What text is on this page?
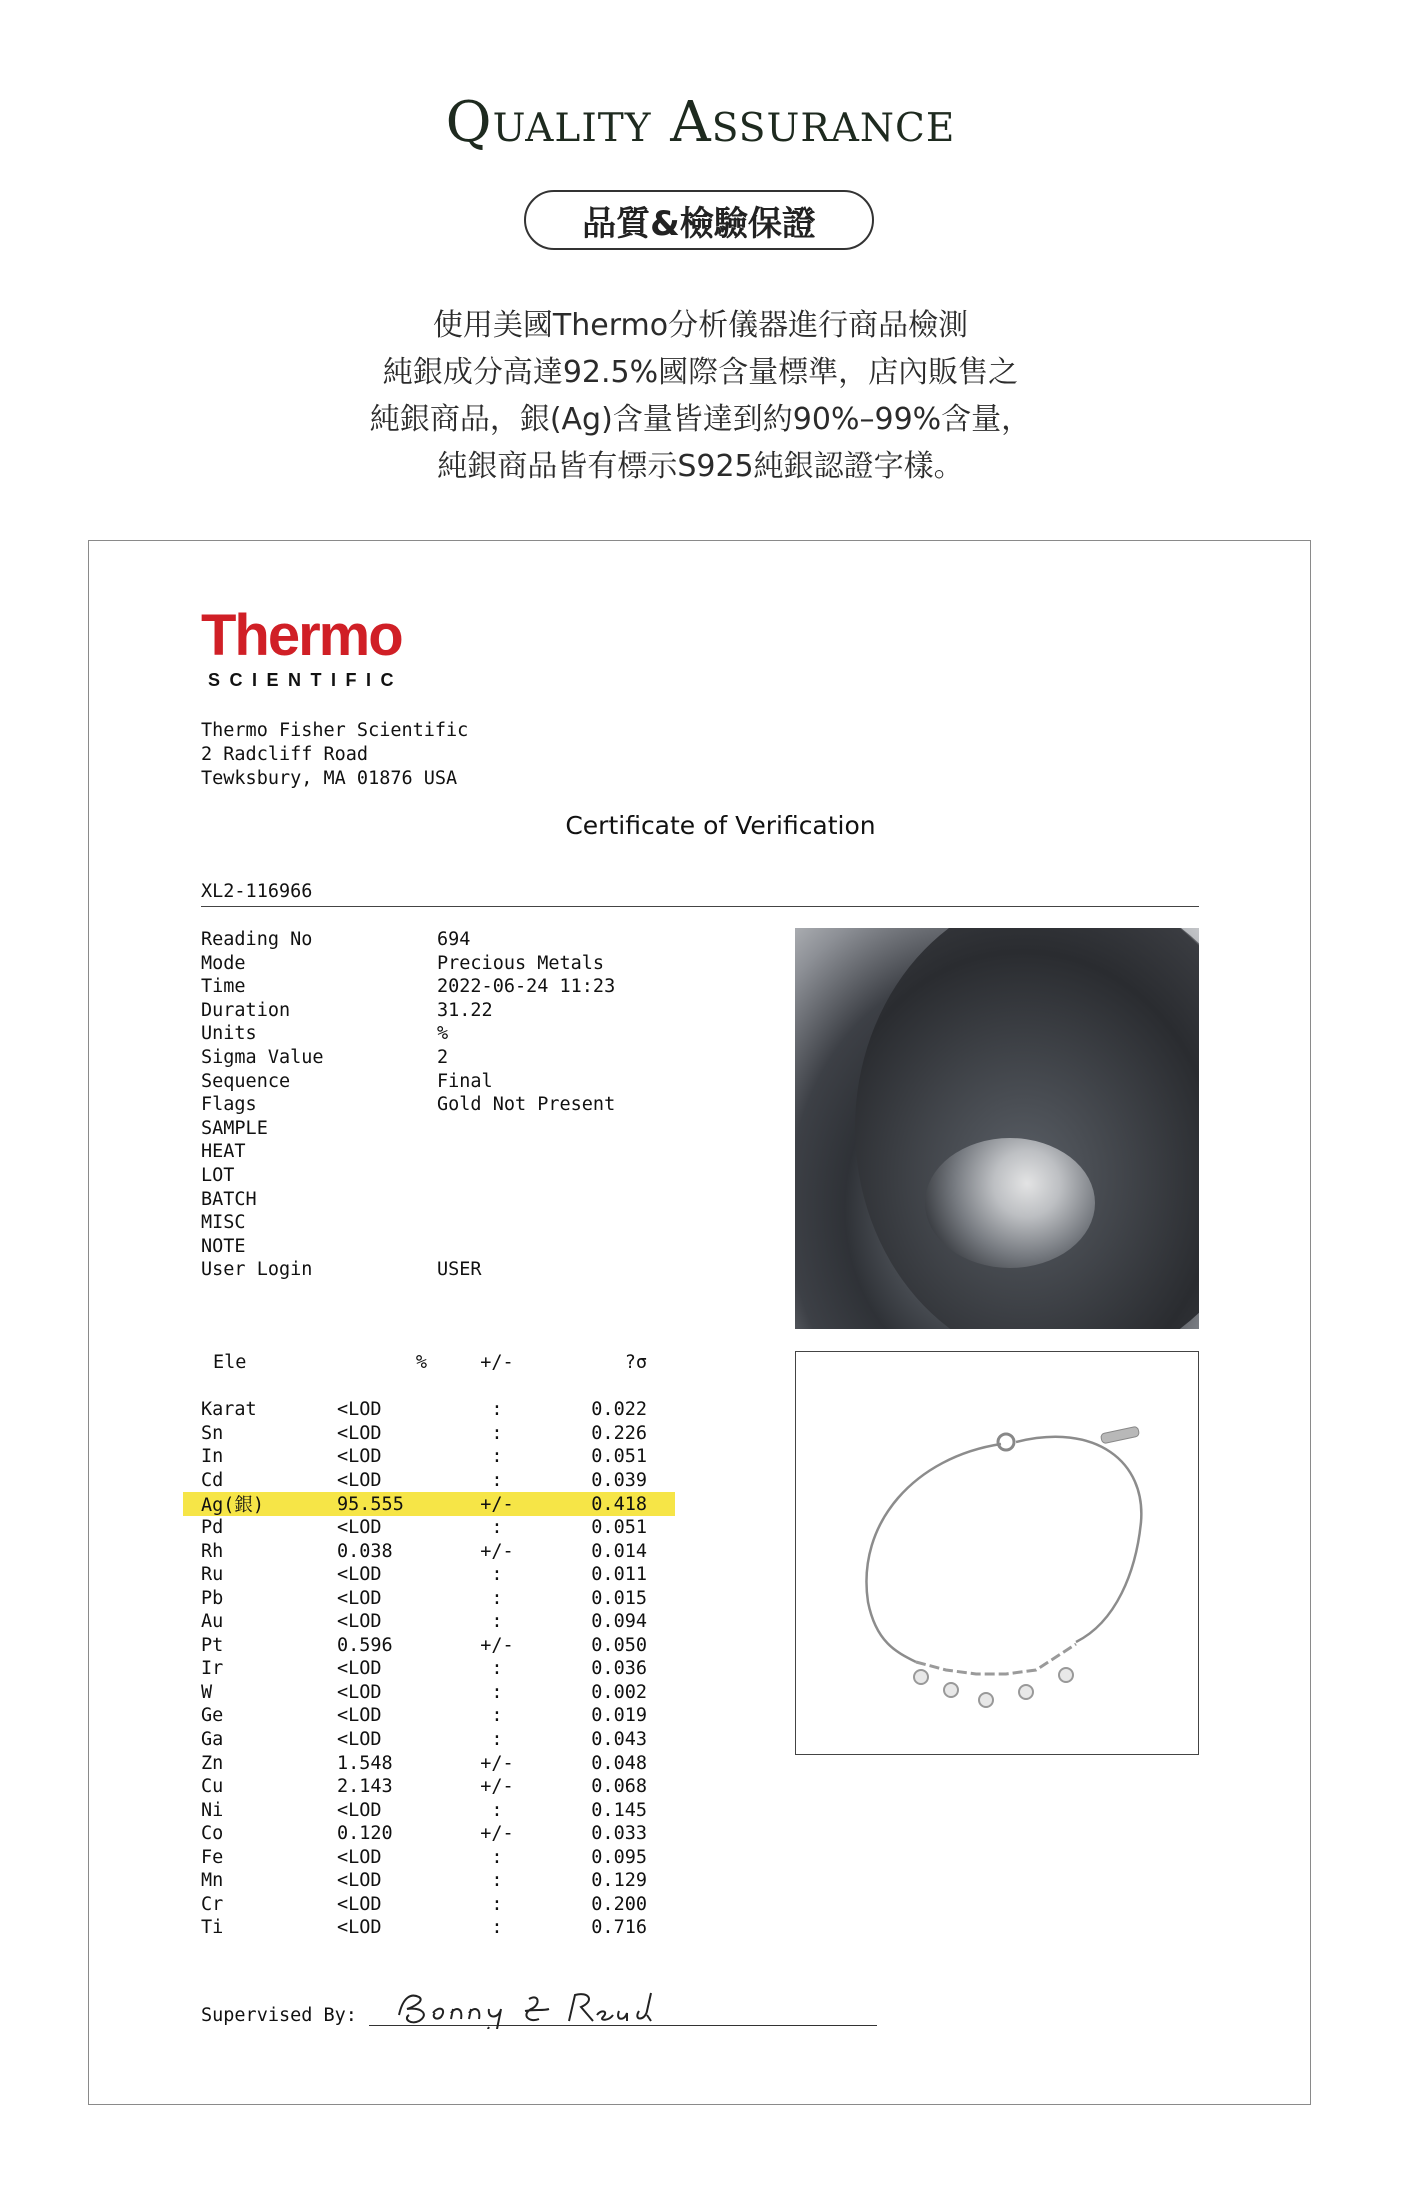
Quality Assurance
品質&檢驗保證
使用美國Thermo分析儀器進行商品檢測
純銀成分高達92.5%國際含量標準，店內販售之
純銀商品，銀(Ag)含量皆達到約90%–99%含量，
純銀商品皆有標示S925純銀認證字樣。
Thermo
SCIENTIFIC
Thermo Fisher Scientific
2 Radcliff Road
Tewksbury, MA 01876 USA
Certificate of Verification
XL2-116966
Reading No	694
Mode	Precious Metals
Time	2022-06-24 11:23
Duration	31.22
Units	%
Sigma Value	2
Sequence	Final
Flags	Gold Not Present
SAMPLE
HEAT
LOT
BATCH
MISC
NOTE
User Login	USER
Ele	%	+/-	?σ
Karat	<LOD	:	0.022
Sn	<LOD	:	0.226
In	<LOD	:	0.051
Cd	<LOD	:	0.039
Ag(銀)	95.555	+/-	0.418
Pd	<LOD	:	0.051
Rh	0.038	+/-	0.014
Ru	<LOD	:	0.011
Pb	<LOD	:	0.015
Au	<LOD	:	0.094
Pt	0.596	+/-	0.050
Ir	<LOD	:	0.036
W	<LOD	:	0.002
Ge	<LOD	:	0.019
Ga	<LOD	:	0.043
Zn	1.548	+/-	0.048
Cu	2.143	+/-	0.068
Ni	<LOD	:	0.145
Co	0.120	+/-	0.033
Fe	<LOD	:	0.095
Mn	<LOD	:	0.129
Cr	<LOD	:	0.200
Ti	<LOD	:	0.716
Supervised By:
